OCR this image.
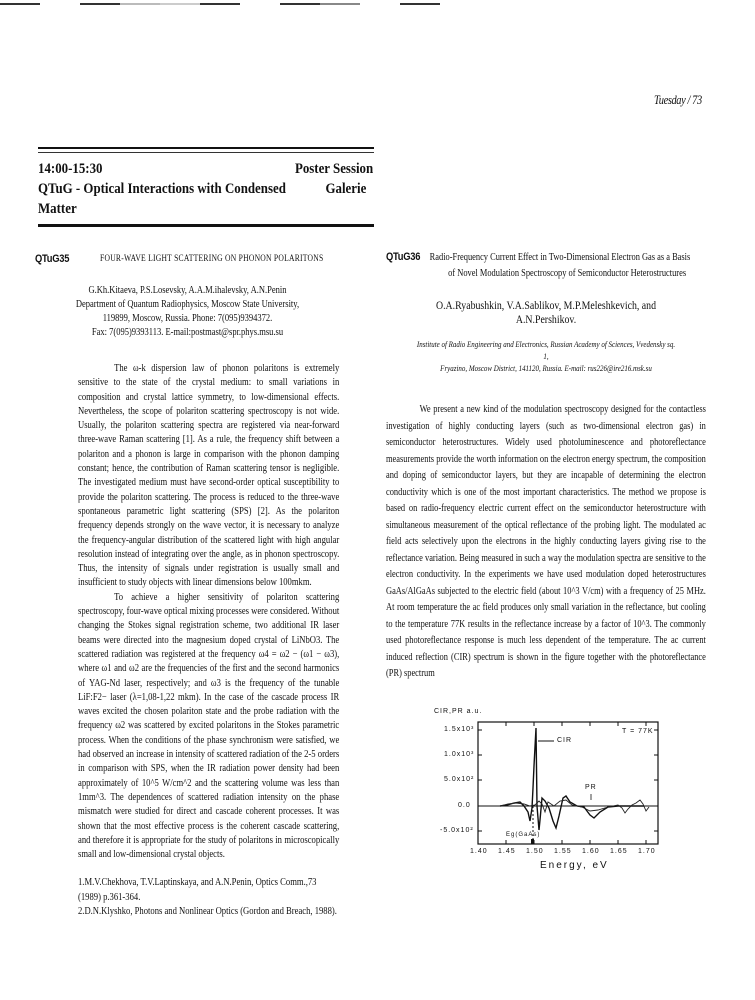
Tuesday / 73
14:00-15:30	Poster Session
QTuG - Optical Interactions with Condensed Matter
Galerie
QTuG35	FOUR-WAVE LIGHT SCATTERING ON PHONON POLARITONS
G.Kh.Kitaeva, P.S.Losevsky, A.A.M.ihalevsky, A.N.Penin
Department of Quantum Radiophysics, Moscow State University,
119899, Moscow, Russia. Phone: 7(095)9394372.
Fax: 7(095)9393113. E-mail:postmast@spr.phys.msu.su

The ω-k dispersion law of phonon polaritons is extremely sensitive to the state of the crystal medium: to small variations in composition and crystal lattice symmetry, to low-dimensional effects. Nevertheless, the scope of polariton scattering spectroscopy is not wide. Usually, the polariton scattering spectra are registered via near-forward three-wave Raman scattering [1]. As a rule, the frequency shift between a polariton and a phonon is large in comparison with the phonon damping constant; hence, the contribution of Raman scattering tensor is negligible. The investigated medium must have second-order optical susceptibility to provide the polariton scattering. The process is reduced to the three-wave spontaneous parametric light scattering (SPS) [2]. As the polariton frequency depends strongly on the wave vector, it is necessary to analyze the frequency-angular distribution of the scattered light with high angular resolution instead of integrating over the angle, as in phonon spectroscopy. Thus, the intensity of signals under registration is usually small and insufficient to study objects with linear dimensions below 100mkm.

To achieve a higher sensitivity of polariton scattering spectroscopy, four-wave optical mixing processes were considered. Without changing the Stokes signal registration scheme, two additional IR laser beams were directed into the magnesium doped crystal of LiNbO3. The scattered radiation was registered at the frequency ω4 = ω2 − (ω1 − ω3), where ω1 and ω2 are the frequencies of the first and the second harmonics of YAG-Nd laser, respectively; and ω3 is the frequency of the tunable LiF:F2− laser (λ=1,08-1,22 mkm). In the case of the cascade process IR waves excited the chosen polariton state and the probe radiation with the frequency ω2 was scattered by excited polaritons in the Stokes parametric process. When the conditions of the phase synchronism were satisfied, we had observed an increase in intensity of scattered radiation of the 2-5 orders in comparison with SPS, when the IR radiation power density had been approximately of 10^5 W/cm^2 and the scattering volume was less than 1mm^3. The dependences of scattered radiation intensity on the phase mismatch were studied for direct and cascade coherent processes. It was shown that the most effective process is the coherent cascade scattering, and therefore it is appropriate for the study of polaritons in microscopically small and low-dimensional crystal objects.

1.M.V.Chekhova, T.V.Laptinskaya, and A.N.Penin, Optics Comm.,73 (1989) p.361-364.
2.D.N.Klyshko, Photons and Nonlinear Optics (Gordon and Breach, 1988).
QTuG36 Radio-Frequency Current Effect in Two-Dimensional Electron Gas as a Basis
of Novel Modulation Spectroscopy of Semiconductor Heterostructures
O.A.Ryabushkin, V.A.Sablikov, M.P.Meleshkevich, and A.N.Pershikov.
Institute of Radio Engineering and Electronics, Russian Academy of Sciences, Vvedensky sq. 1,
Fryazino, Moscow District, 141120, Russia. E-mail: rus226@ire216.msk.su

We present a new kind of the modulation spectroscopy designed for the contactless investigation of highly conducting layers (such as two-dimensional electron gas) in semiconductor heterostructures. Widely used photoluminescence and photoreflectance measurements provide the worth information on the electron energy spectrum, the composition and doping of semiconductor layers, but they are incapable of determining the electron conductivity which is one of the most important characteristics. The method we propose is based on radio-frequency electric current effect on the semiconductor heterostructure with simultaneous measurement of the optical reflectance of the probing light. The modulated ac field acts selectively upon the electrons in the highly conducting layers giving rise to the reflectance variation. Being measured in such a way the modulation spectra are sensitive to the electron conductivity. In the experiments we have used modulation doped heterostructures GaAs/AlGaAs subjected to the electric field (about 10^3 V/cm) with a frequency of 25 MHz. At room temperature the ac field produces only small variation in the reflectance, but cooling to the temperature 77K results in the reflectance increase by a factor of 10^3. The commonly used photoreflectance response is much less dependent of the temperature. The ac current induced reflection (CIR) spectrum is shown in the figure together with the photoreflectance (PR) spectrum

CIR,PR a.u.
1.5x10³
1.0x10³
5.0x10²
0.0
-5.0x10²
1.40 1.45 1.50 1.55 1.60 1.65 1.70
Energy, eV
T = 77K
CIR
PR
Eg(GaAs)
